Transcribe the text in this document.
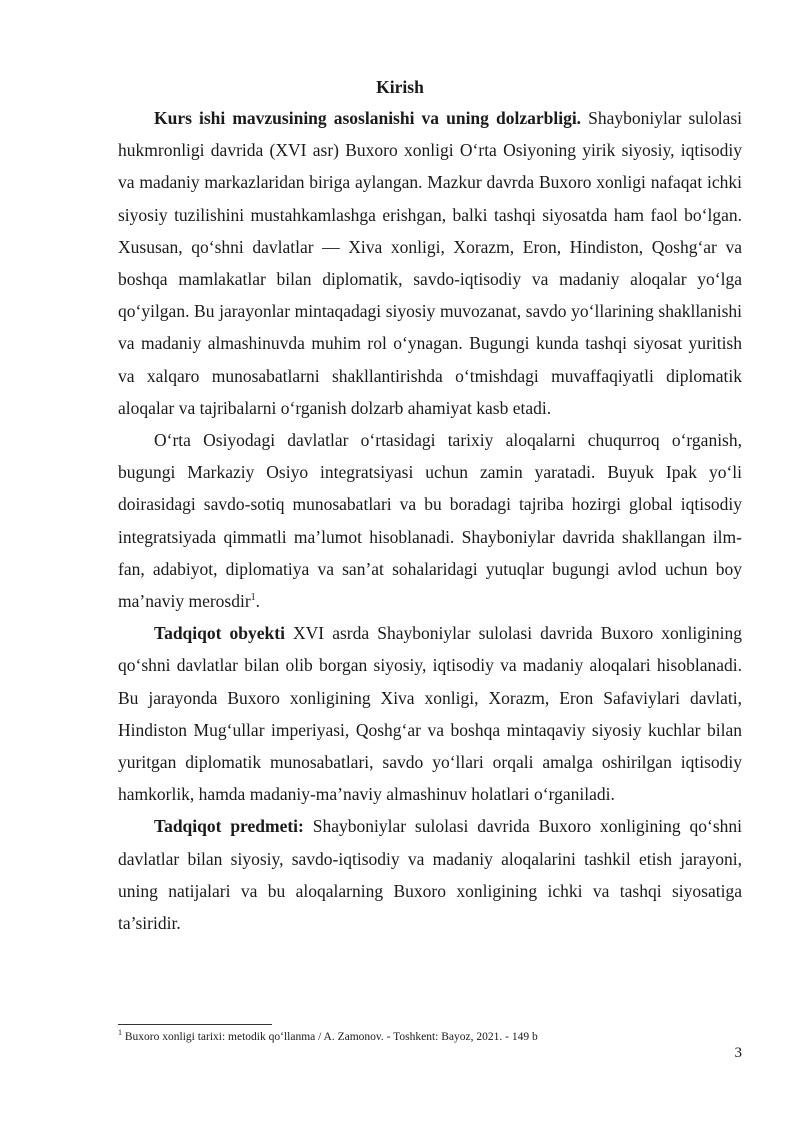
Kirish

Kurs ishi mavzusining asoslanishi va uning dolzarbligi. Shayboniylar sulolasi hukmronligi davrida (XVI asr) Buxoro xonligi O‘rta Osiyoning yirik siyosiy, iqtisodiy va madaniy markazlaridan biriga aylangan. Mazkur davrda Buxoro xonligi nafaqat ichki siyosiy tuzilishini mustahkamlashga erishgan, balki tashqi siyosatda ham faol bo‘lgan. Xususan, qo‘shni davlatlar — Xiva xonligi, Xorazm, Eron, Hindiston, Qoshg‘ar va boshqa mamlakatlar bilan diplomatik, savdo-iqtisodiy va madaniy aloqalar yo‘lga qo‘yilgan. Bu jarayonlar mintaqadagi siyosiy muvozanat, savdo yo‘llarining shakllanishi va madaniy almashinuvda muhim rol o‘ynagan. Bugungi kunda tashqi siyosat yuritish va xalqaro munosabatlarni shakllantirishda o‘tmishdagi muvaffaqiyatli diplomatik aloqalar va tajribalarni o‘rganish dolzarb ahamiyat kasb etadi.

O‘rta Osiyodagi davlatlar o‘rtasidagi tarixiy aloqalarni chuqurroq o‘rganish, bugungi Markaziy Osiyo integratsiyasi uchun zamin yaratadi. Buyuk Ipak yo‘li doirasidagi savdo-sotiq munosabatlari va bu boradagi tajriba hozirgi global iqtisodiy integratsiyada qimmatli ma’lumot hisoblanadi. Shayboniylar davrida shakllangan ilm-fan, adabiyot, diplomatiya va san’at sohalaridagi yutuqlar bugungi avlod uchun boy ma’naviy merosdir$^1$.

Tadqiqot obyekti XVI asrda Shayboniylar sulolasi davrida Buxoro xonligining qo‘shni davlatlar bilan olib borgan siyosiy, iqtisodiy va madaniy aloqalari hisoblanadi. Bu jarayonda Buxoro xonligining Xiva xonligi, Xorazm, Eron Safaviylari davlati, Hindiston Mug‘ullar imperiyasi, Qoshg‘ar va boshqa mintaqaviy siyosiy kuchlar bilan yuritgan diplomatik munosabatlari, savdo yo‘llari orqali amalga oshirilgan iqtisodiy hamkorlik, hamda madaniy-ma’naviy almashinuv holatlari o‘rganiladi.

Tadqiqot predmeti: Shayboniylar sulolasi davrida Buxoro xonligining qo‘shni davlatlar bilan siyosiy, savdo-iqtisodiy va madaniy aloqalarini tashkil etish jarayoni, uning natijalari va bu aloqalarning Buxoro xonligining ichki va tashqi siyosatiga ta’siridir.

$^1$ Buxoro xonligi tarixi: metodik qo‘llanma / A. Zamonov. - Toshkent: Bayoz, 2021. - 149 b
3
